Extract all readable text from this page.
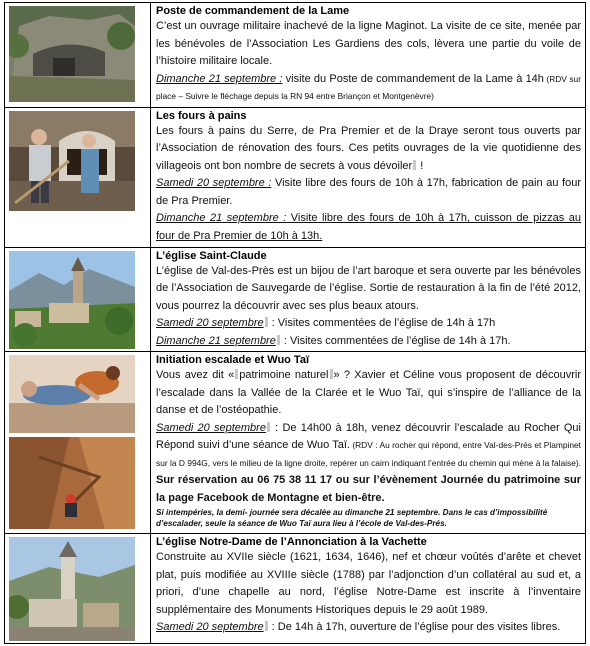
Poste de commandement de la Lame
C’est un ouvrage militaire inachevé de la ligne Maginot. La visite de ce site, menée par les bénévoles de l’Association Les Gardiens des cols, lèvera une partie du voile de l’histoire militaire locale.
Dimanche 21 septembre : visite du Poste de commandement de la Lame à 14h (RDV sur place – Suivre le fléchage depuis la RN 94 entre Briançon et Montgenèvre)

Les fours à pains
Les fours à pains du Serre, de Pra Premier et de la Draye seront tous ouverts par l’Association de rénovation des fours. Ces petits ouvrages de la vie quotidienne des villageois ont bon nombre de secrets à vous dévoiler !
Samedi 20 septembre : Visite libre des fours de 10h à 17h, fabrication de pain au four de Pra Premier.
Dimanche 21 septembre : Visite libre des fours de 10h à 17h, cuisson de pizzas au four de Pra Premier de 10h à 13h.

L’église Saint-Claude
L’église de Val-des-Près est un bijou de l’art baroque et sera ouverte par les bénévoles de l’Association de Sauvegarde de l’église. Sortie de restauration à la fin de l’été 2012, vous pourrez la découvrir avec ses plus beaux atours.
Samedi 20 septembre : Visites commentées de l’église de 14h à 17h
Dimanche 21 septembre : Visites commentées de l’église de 14h à 17h.

Initiation escalade et Wuo Taï
Vous avez dit « patrimoine naturel » ? Xavier et Céline vous proposent de découvrir l’escalade dans la Vallée de la Clarée et le Wuo Taï, qui s’inspire de l’alliance de la danse et de l’ostéopathie.
Samedi 20 septembre : De 14h00 à 18h, venez découvrir l’escalade au Rocher Qui Répond suivi d’une séance de Wuo Taï. (RDV : Au rocher qui répond, entre Val-des-Prés et Plampinet sur la D 994G, vers le milieu de la ligne droite, repérer un cairn indiquant l’entrée du chemin qui mène à la falaise). Sur réservation au 06 75 38 11 17 ou sur l’évènement Journée du patrimoine sur la page Facebook de Montagne et bien-être.
Si intempéries, la demi- journée sera décalée au dimanche 21 septembre. Dans le cas d’impossibilité d’escalader, seule la séance de Wuo Taï aura lieu à l’école de Val-des-Prés.

L’église Notre-Dame de l’Annonciation à la Vachette
Construite au XVIIe siècle (1621, 1634, 1646), nef et chœur voûtés d’arête et chevet plat, puis modifiée au XVIIIe siècle (1788) par l’adjonction d’un collatéral au sud et, a priori, d’une chapelle au nord, l’église Notre-Dame est inscrite à l’inventaire supplémentaire des Monuments Historiques depuis le 29 août 1989.
Samedi 20 septembre : De 14h à 17h, ouverture de l’église pour des visites libres.
